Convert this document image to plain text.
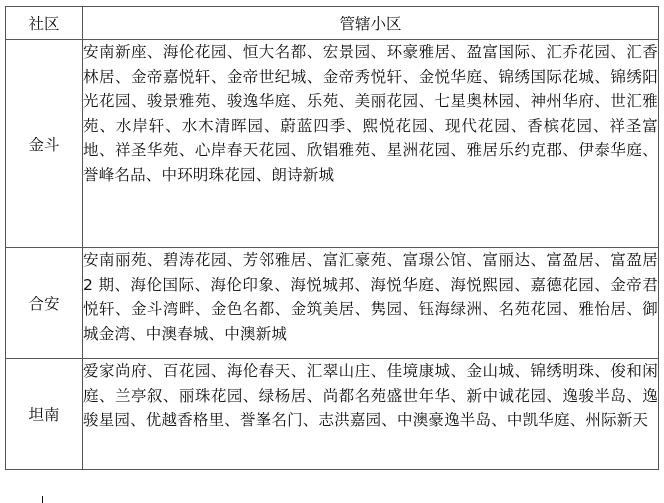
社区	管辖小区
金斗	安南新座、海伦花园、恒大名都、宏景园、环豪雅居、盈富国际、汇乔花园、汇香林居、金帝嘉悦轩、金帝世纪城、金帝秀悦轩、金悦华庭、锦绣国际花城、锦绣阳光花园、骏景雅苑、骏逸华庭、乐苑、美丽花园、七星奥林园、神州华府、世汇雅苑、水岸轩、水木清晖园、蔚蓝四季、熙悦花园、现代花园、香槟花园、祥圣富地、祥圣华苑、心岸春天花园、欣锠雅苑、星洲花园、雅居乐约克郡、伊泰华庭、誉峰名品、中环明珠花园、朗诗新城
合安	安南丽苑、碧涛花园、芳邻雅居、富汇豪苑、富璟公馆、富丽达、富盈居、富盈居 2 期、海伦国际、海伦印象、海悦城邦、海悦华庭、海悦熙园、嘉德花园、金帝君悦轩、金斗湾畔、金色名都、金筑美居、隽园、钰海绿洲、名苑花园、雅怡居、御城金湾、中澳春城、中澳新城
坦南	爱家尚府、百花园、海伦春天、汇翠山庄、佳境康城、金山城、锦绣明珠、俊和闲庭、兰亭叙、丽珠花园、绿杨居、尚都名苑盛世年华、新中诚花园、逸骏半岛、逸骏星园、优越香格里、誉峯名门、志洪嘉园、中澳豪逸半岛、中凯华庭、州际新天
